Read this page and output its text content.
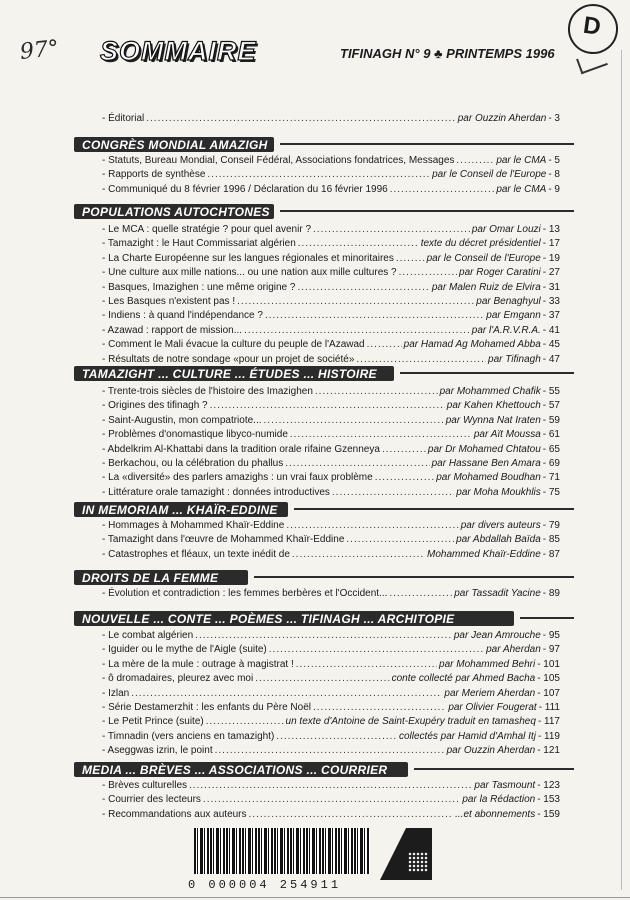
97° SOMMAIRE	TIFINAGH N° 9 ♣ PRINTEMPS 1996
D
- Éditorial .....	par Ouzzin Aherdan - 3
CONGRÈS MONDIAL AMAZIGH
- Statuts, Bureau Mondial, Conseil Fédéral, Associations fondatrices, Messages .....	par le CMA - 5
- Rapports de synthèse .....	par le Conseil de l'Europe - 8
- Communiqué du 8 février 1996 / Déclaration du 16 février 1996 .....	par le CMA - 9
POPULATIONS AUTOCHTONES
- Le MCA : quelle stratégie ? pour quel avenir ? .....	par Omar Louzi - 13
- Tamazight : le Haut Commissariat algérien .....	texte du décret présidentiel - 17
- La Charte Européenne sur les langues régionales et minoritaires .....	par le Conseil de l'Europe - 19
- Une culture aux mille nations... ou une nation aux mille cultures ? .....	par Roger Caratini - 27
- Basques, Imazighen : une même origine ? .....	par Malen Ruiz de Elvira - 31
- Les Basques n'existent pas ! .....	par Benaghyul - 33
- Indiens : à quand l'indépendance ? .....	par Emgann - 37
- Azawad : rapport de mission... .....	par l'A.R.V.R.A. - 41
- Comment le Mali évacue la culture du peuple de l'Azawad .....	par Hamad Ag Mohamed Abba - 45
- Résultats de notre sondage «pour un projet de société» .....	par Tifinagh - 47
TAMAZIGHT ... CULTURE ... ÉTUDES ... HISTOIRE
- Trente-trois siècles de l'histoire des Imazighen .....	par Mohammed Chafik - 55
- Origines des tifinagh ? .....	par Kahen Khettouch - 57
- Saint-Augustin, mon compatriote... .....	par Wynna Nat Iraten - 59
- Problèmes d'onomastique libyco-numide .....	par Aït Moussa - 61
- Abdelkrim Al-Khattabi dans la tradition orale rifaine Gzenneya .....	par Dr Mohamed Chtatou - 65
- Berkachou, ou la célébration du phallus .....	par Hassane Ben Amara - 69
- La «diversité» des parlers amazighs : un vrai faux problème .....	par Mohamed Boudhan - 71
- Littérature orale tamazight : données introductives .....	par Moha Moukhlis - 75
IN MEMORIAM ... KHAÏR-EDDINE
- Hommages à Mohammed Khaïr-Eddine .....	par divers auteurs - 79
- Tamazight dans l'œuvre de Mohammed Khaïr-Eddine .....	par Abdallah Baïda - 85
- Catastrophes et fléaux, un texte inédit de .....	Mohammed Khaïr-Eddine - 87
DROITS DE LA FEMME
- Évolution et contradiction : les femmes berbères et l'Occident... .....	par Tassadit Yacine - 89
NOUVELLE ... CONTE ... POÈMES ... TIFINAGH ... ARCHITOPIE
- Le combat algérien .....	par Jean Amrouche - 95
- Iguider ou le mythe de l'Aigle (suite) .....	par Aherdan - 97
- La mère de la mule : outrage à magistrat ! .....	par Mohammed Behri - 101
- ô dromadaires, pleurez avec moi .....	conte collecté par Ahmed Bacha - 105
- Izlan .....	par Meriem Aherdan - 107
- Série Destamerzhit : les enfants du Père Noël .....	par Olivier Fougerat - 111
- Le Petit Prince (suite) .....	un texte d'Antoine de Saint-Exupéry traduit en tamasheq - 117
- Timnadin (vers anciens en tamazight) .....	collectés par Hamid d'Amhal Itj - 119
- Aseggwas izrin, le point .....	par Ouzzin Aherdan - 121
MEDIA ... BRÈVES ... ASSOCIATIONS ... COURRIER
- Brèves culturelles .....	par Tasmount - 123
- Courrier des lecteurs .....	par la Rédaction - 153
- Recommandations aux auteurs .....	...et abonnements - 159
0 000004 254911
